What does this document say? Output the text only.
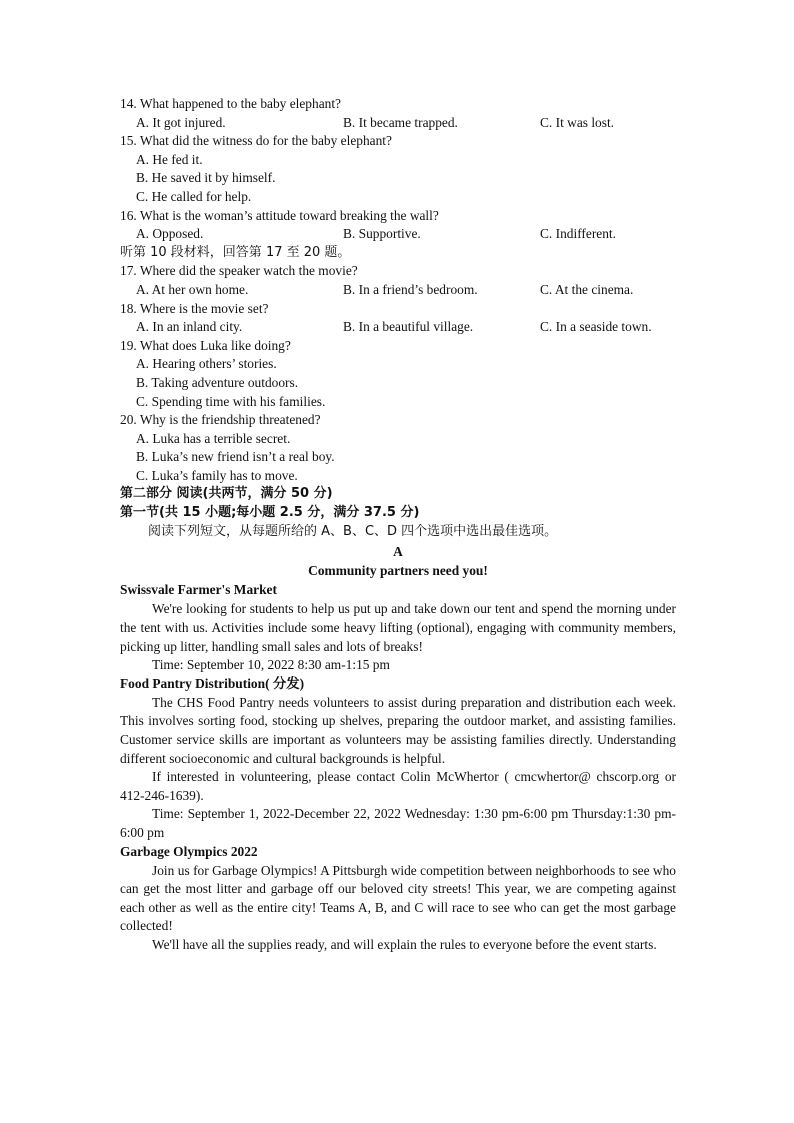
14. What happened to the baby elephant?
A. It got injured.	B. It became trapped.	C. It was lost.
15. What did the witness do for the baby elephant?
A. He fed it.
B. He saved it by himself.
C. He called for help.
16. What is the woman’s attitude toward breaking the wall?
A. Opposed.	B. Supportive.	C. Indifferent.
听第 10 段材料，回答第 17 至 20 题。
17. Where did the speaker watch the movie?
A. At her own home.	B. In a friend’s bedroom.	C. At the cinema.
18. Where is the movie set?
A. In an inland city.	B. In a beautiful village.	C. In a seaside town.
19. What does Luka like doing?
A. Hearing others’ stories.
B. Taking adventure outdoors.
C. Spending time with his families.
20. Why is the friendship threatened?
A. Luka has a terrible secret.
B. Luka’s new friend isn’t a real boy.
C. Luka’s family has to move.
第二部分 阅读(共两节，满分 50 分)
第一节(共 15 小题;每小题 2.5 分，满分 37.5 分)
阅读下列短文，从每题所给的 A、B、C、D 四个选项中选出最佳选项。
A
Community partners need you!
Swissvale Farmer's Market

We're looking for students to help us put up and take down our tent and spend the morning under the tent with us. Activities include some heavy lifting (optional), engaging with community members, picking up litter, handling small sales and lots of breaks!

Time: September 10, 2022 8:30 am-1:15 pm

Food Pantry Distribution( 分发)

The CHS Food Pantry needs volunteers to assist during preparation and distribution each week. This involves sorting food, stocking up shelves, preparing the outdoor market, and assisting families. Customer service skills are important as volunteers may be assisting families directly. Understanding different socioeconomic and cultural backgrounds is helpful.

If interested in volunteering, please contact Colin McWhertor ( cmcwhertor@ chscorp.org or 412-246-1639).

Time: September 1, 2022-December 22, 2022 Wednesday: 1:30 pm-6:00 pm Thursday:1:30 pm-6:00 pm

Garbage Olympics 2022

Join us for Garbage Olympics! A Pittsburgh wide competition between neighborhoods to see who can get the most litter and garbage off our beloved city streets! This year, we are competing against each other as well as the entire city! Teams A, B, and C will race to see who can get the most garbage collected!

We'll have all the supplies ready, and will explain the rules to everyone before the event starts.
